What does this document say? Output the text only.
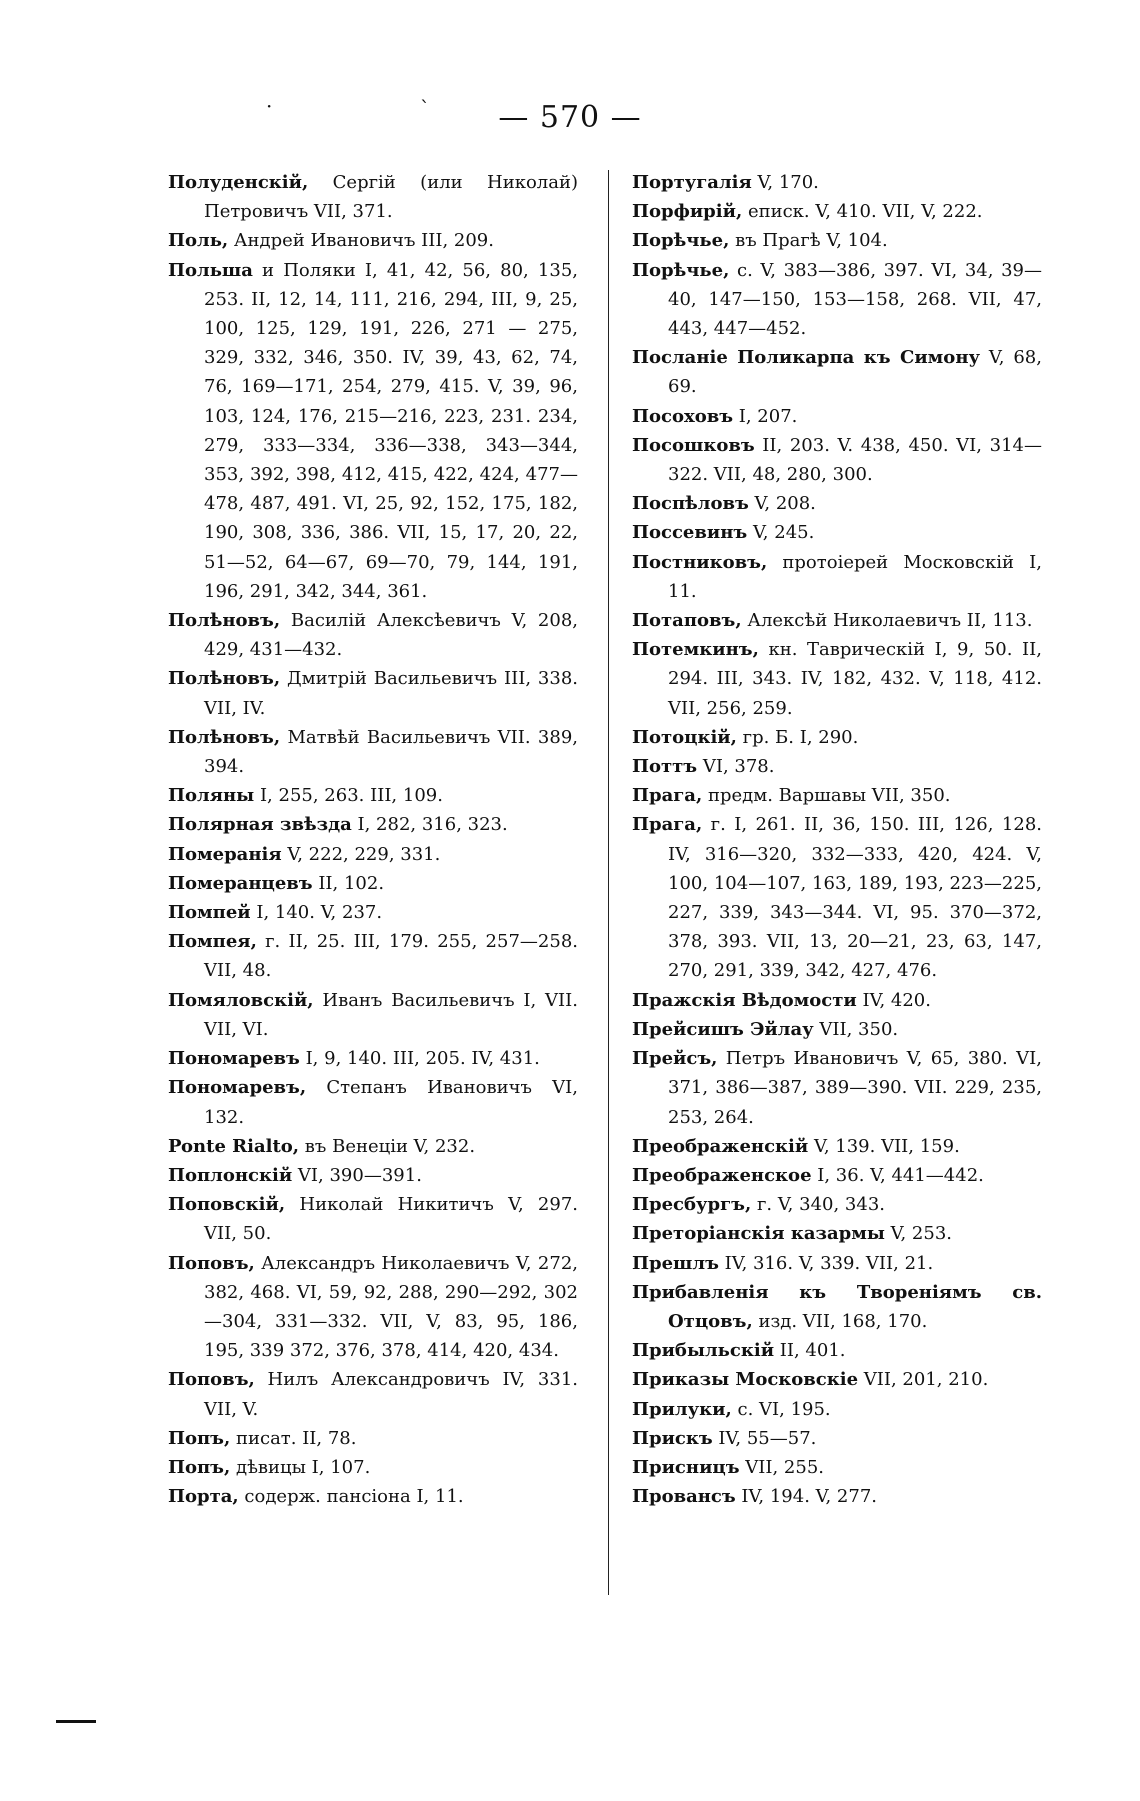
·	`	— 570 —
Полуденскій, Сергій (или Николай) Петровичъ VII, 371.
Поль, Андрей Ивановичъ III, 209.
Польша и Поляки I, 41, 42, 56, 80, 135, 253. II, 12, 14, 111, 216, 294, III, 9, 25, 100, 125, 129, 191, 226, 271 — 275, 329, 332, 346, 350. IV, 39, 43, 62, 74, 76, 169—171, 254, 279, 415. V, 39, 96, 103, 124, 176, 215—216, 223, 231. 234, 279, 333—334, 336—338, 343—344, 353, 392, 398, 412, 415, 422, 424, 477—478, 487, 491. VI, 25, 92, 152, 175, 182, 190, 308, 336, 386. VII, 15, 17, 20, 22, 51—52, 64—67, 69—70, 79, 144, 191, 196, 291, 342, 344, 361.
Полѣновъ, Василій Алексѣевичъ V, 208, 429, 431—432.
Полѣновъ, Дмитрій Васильевичъ III, 338. VII, IV.
Полѣновъ, Матвѣй Васильевичъ VII. 389, 394.
Поляны I, 255, 263. III, 109.
Полярная звѣзда I, 282, 316, 323.
Померанія V, 222, 229, 331.
Померанцевъ II, 102.
Помпей I, 140. V, 237.
Помпея, г. II, 25. III, 179. 255, 257—258. VII, 48.
Помяловскій, Иванъ Васильевичъ I, VII. VII, VI.
Пономаревъ I, 9, 140. III, 205. IV, 431.
Пономаревъ, Степанъ Ивановичъ VI, 132.
Ponte Rialto, въ Венеціи V, 232.
Поплонскій VI, 390—391.
Поповскій, Николай Никитичъ V, 297. VII, 50.
Поповъ, Александръ Николаевичъ V, 272, 382, 468. VI, 59, 92, 288, 290—292, 302—304, 331—332. VII, V, 83, 95, 186, 195, 339 372, 376, 378, 414, 420, 434.
Поповъ, Нилъ Александровичъ IV, 331. VII, V.
Попъ, писат. II, 78.
Попъ, дѣвицы I, 107.
Порта, содерж. пансіона I, 11.
Португалія V, 170.
Порфирій, еписк. V, 410. VII, V, 222.
Порѣчье, въ Прагѣ V, 104.
Порѣчье, с. V, 383—386, 397. VI, 34, 39—40, 147—150, 153—158, 268. VII, 47, 443, 447—452.
Посланіе Поликарпа къ Симону V, 68, 69.
Посоховъ I, 207.
Посошковъ II, 203. V. 438, 450. VI, 314—322. VII, 48, 280, 300.
Поспѣловъ V, 208.
Поссевинъ V, 245.
Постниковъ, протоіерей Московскій I, 11.
Потаповъ, Алексѣй Николаевичъ II, 113.
Потемкинъ, кн. Таврическій I, 9, 50. II, 294. III, 343. IV, 182, 432. V, 118, 412. VII, 256, 259.
Потоцкій, гр. Б. I, 290.
Поттъ VI, 378.
Прага, предм. Варшавы VII, 350.
Прага, г. I, 261. II, 36, 150. III, 126, 128. IV, 316—320, 332—333, 420, 424. V, 100, 104—107, 163, 189, 193, 223—225, 227, 339, 343—344. VI, 95. 370—372, 378, 393. VII, 13, 20—21, 23, 63, 147, 270, 291, 339, 342, 427, 476.
Пражскія Вѣдомости IV, 420.
Прейсишъ Эйлау VII, 350.
Прейсъ, Петръ Ивановичъ V, 65, 380. VI, 371, 386—387, 389—390. VII. 229, 235, 253, 264.
Преображенскій V, 139. VII, 159.
Преображенское I, 36. V, 441—442.
Пресбургъ, г. V, 340, 343.
Преторіанскія казармы V, 253.
Прешлъ IV, 316. V, 339. VII, 21.
Прибавленія къ Твореніямъ св. Отцовъ, изд. VII, 168, 170.
Прибыльскій II, 401.
Приказы Московскіе VII, 201, 210.
Прилуки, с. VI, 195.
Прискъ IV, 55—57.
Присницъ VII, 255.
Провансъ IV, 194. V, 277.
